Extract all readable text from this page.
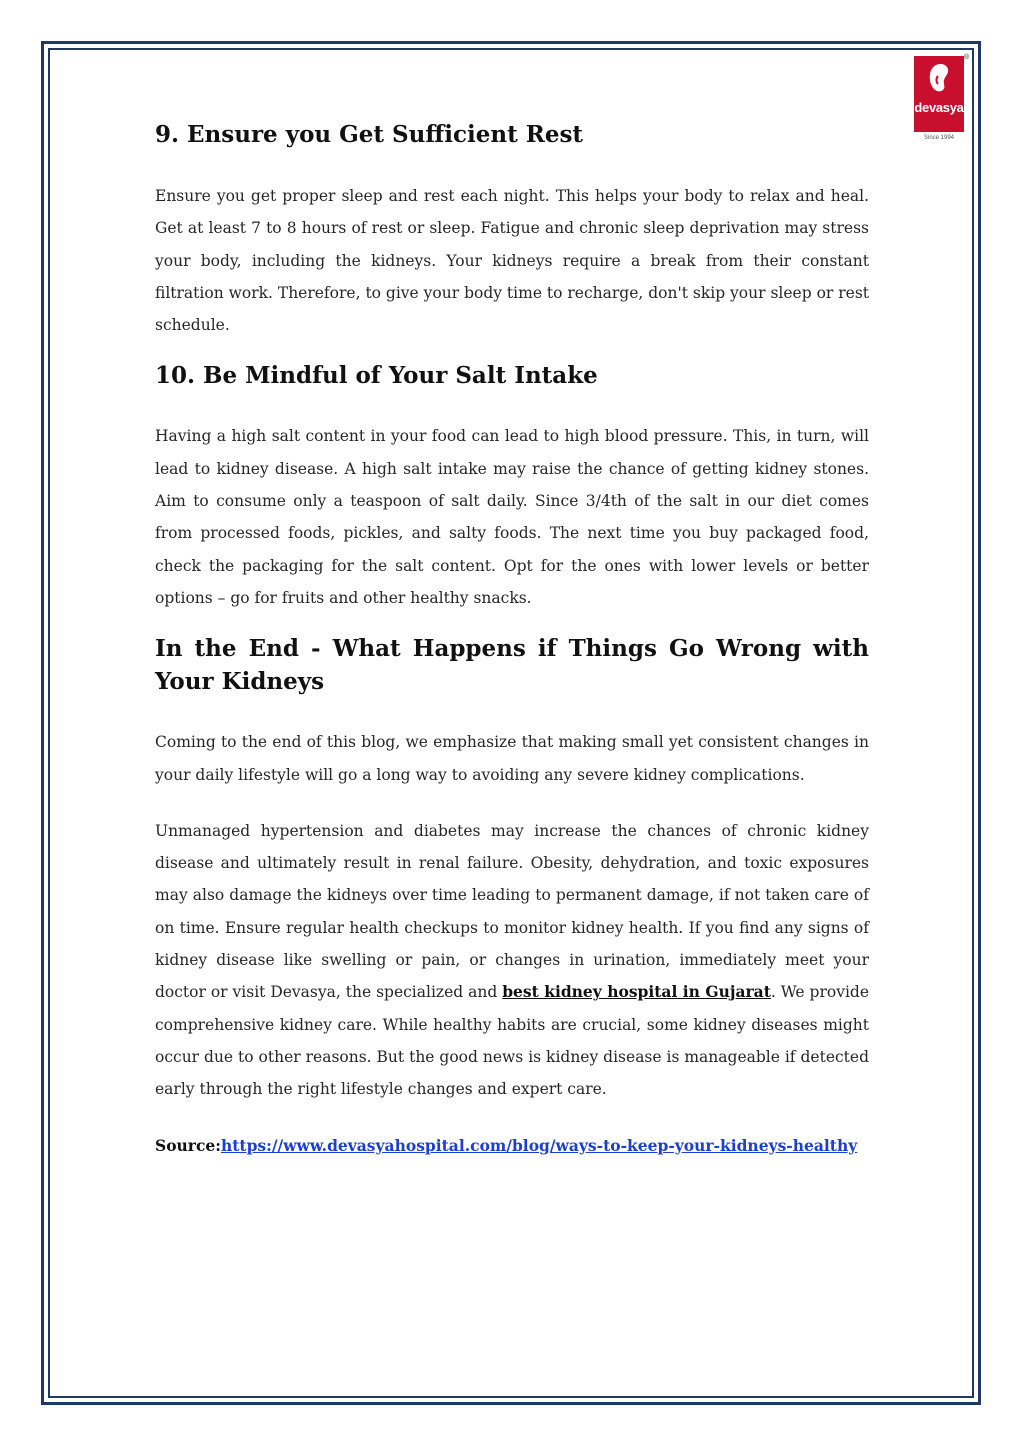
devasya
Since 1994
®
9. Ensure you Get Sufficient Rest

Ensure you get proper sleep and rest each night. This helps your body to relax and heal. Get at least 7 to 8 hours of rest or sleep. Fatigue and chronic sleep deprivation may stress your body, including the kidneys. Your kidneys require a break from their constant filtration work. Therefore, to give your body time to recharge, don't skip your sleep or rest schedule.

10. Be Mindful of Your Salt Intake

Having a high salt content in your food can lead to high blood pressure. This, in turn, will lead to kidney disease. A high salt intake may raise the chance of getting kidney stones. Aim to consume only a teaspoon of salt daily. Since 3/4th of the salt in our diet comes from processed foods, pickles, and salty foods. The next time you buy packaged food, check the packaging for the salt content. Opt for the ones with lower levels or better options – go for fruits and other healthy snacks.

In the End - What Happens if Things Go Wrong with Your Kidneys

Coming to the end of this blog, we emphasize that making small yet consistent changes in your daily lifestyle will go a long way to avoiding any severe kidney complications.

Unmanaged hypertension and diabetes may increase the chances of chronic kidney disease and ultimately result in renal failure. Obesity, dehydration, and toxic exposures may also damage the kidneys over time leading to permanent damage, if not taken care of on time. Ensure regular health checkups to monitor kidney health. If you find any signs of kidney disease like swelling or pain, or changes in urination, immediately meet your doctor or visit Devasya, the specialized and best kidney hospital in Gujarat. We provide comprehensive kidney care. While healthy habits are crucial, some kidney diseases might occur due to other reasons. But the good news is kidney disease is manageable if detected early through the right lifestyle changes and expert care.

Source:https://www.devasyahospital.com/blog/ways-to-keep-your-kidneys-healthy
